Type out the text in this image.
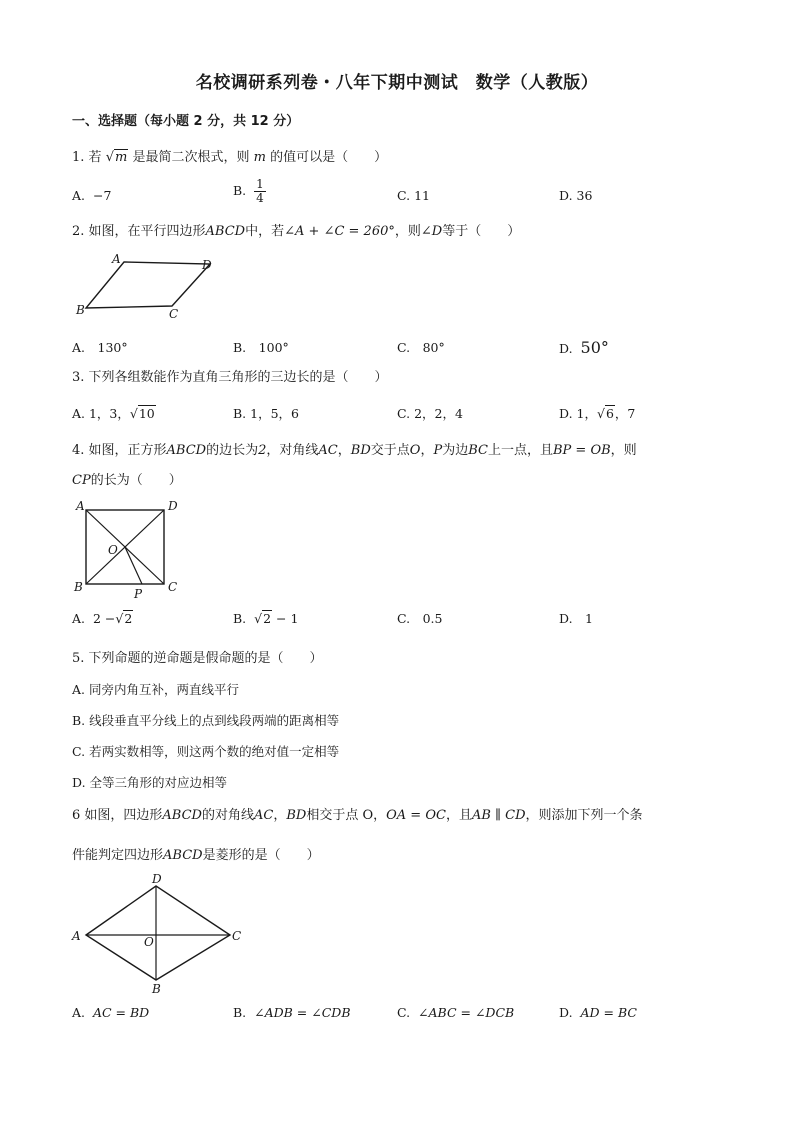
名校调研系列卷・八年下期中测试　数学（人教版）
一、选择题（每小题 2 分，共 12 分）
1. 若 √m 是最简二次根式，则 m 的值可以是（　　）
A. −7	B. $\frac{1}{4}$	C. 11	D. 36
2. 如图，在平行四边形ABCD中，若∠A + ∠C = 260°，则∠D等于（　　）
A	D
B	C
A.　130°	B.　100°	C.　80°	D. 50°
3. 下列各组数能作为直角三角形的三边长的是（　　）
A. 1，3，√10	B. 1，5，6	C. 2，2，4	D. 1，√6，7
4. 如图，正方形ABCD的边长为2，对角线AC，BD交于点O，P为边BC上一点，且BP = OB，则
CP的长为（　　）
A	D
B	C
O
P
A. 2 −√2	B. √2 − 1	C.　0.5	D.　1
5. 下列命题的逆命题是假命题的是（　　）
A. 同旁内角互补，两直线平行
B. 线段垂直平分线上的点到线段两端的距离相等
C. 若两实数相等，则这两个数的绝对值一定相等
D. 全等三角形的对应边相等
6 如图，四边形ABCD的对角线AC，BD相交于点 O，OA = OC，且AB ∥ CD，则添加下列一个条
件能判定四边形ABCD是菱形的是（　　）
D
A	C
O
B
A. AC = BD	B. ∠ADB = ∠CDB	C. ∠ABC = ∠DCB	D. AD = BC
